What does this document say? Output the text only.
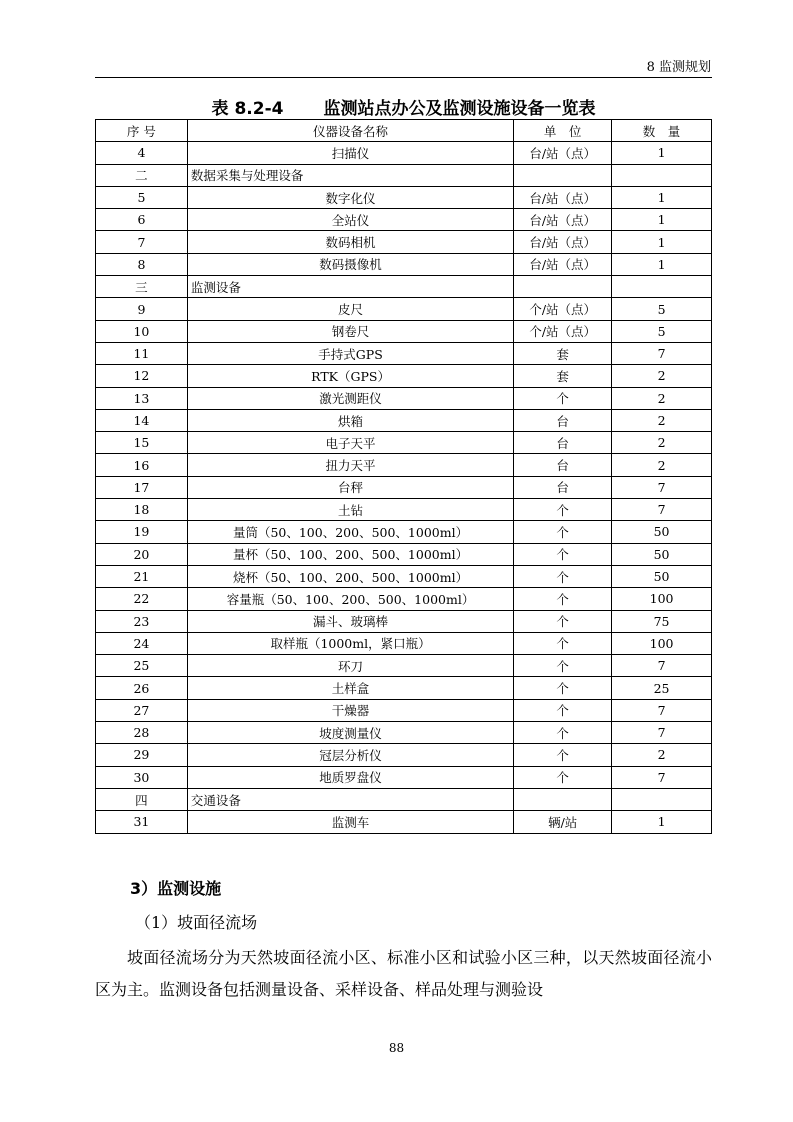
8 监测规划
表 8.2-4 监测站点办公及监测设施设备一览表
序 号	仪器设备名称	单　位	数　量
4	扫描仪	台/站（点）	1
二	数据采集与处理设备		
5	数字化仪	台/站（点）	1
6	全站仪	台/站（点）	1
7	数码相机	台/站（点）	1
8	数码摄像机	台/站（点）	1
三	监测设备		
9	皮尺	个/站（点）	5
10	钢卷尺	个/站（点）	5
11	手持式GPS	套	7
12	RTK（GPS）	套	2
13	激光测距仪	个	2
14	烘箱	台	2
15	电子天平	台	2
16	扭力天平	台	2
17	台秤	台	7
18	土钻	个	7
19	量筒（50、100、200、500、1000ml）	个	50
20	量杯（50、100、200、500、1000ml）	个	50
21	烧杯（50、100、200、500、1000ml）	个	50
22	容量瓶（50、100、200、500、1000ml）	个	100
23	漏斗、玻璃棒	个	75
24	取样瓶（1000ml，紧口瓶）	个	100
25	环刀	个	7
26	土样盒	个	25
27	干燥器	个	7
28	坡度测量仪	个	7
29	冠层分析仪	个	2
30	地质罗盘仪	个	7
四	交通设备		
31	监测车	辆/站	1
3）监测设施
（1）坡面径流场
坡面径流场分为天然坡面径流小区、标准小区和试验小区三种，以天然坡面径流小区为主。监测设备包括测量设备、采样设备、样品处理与测验设
88
